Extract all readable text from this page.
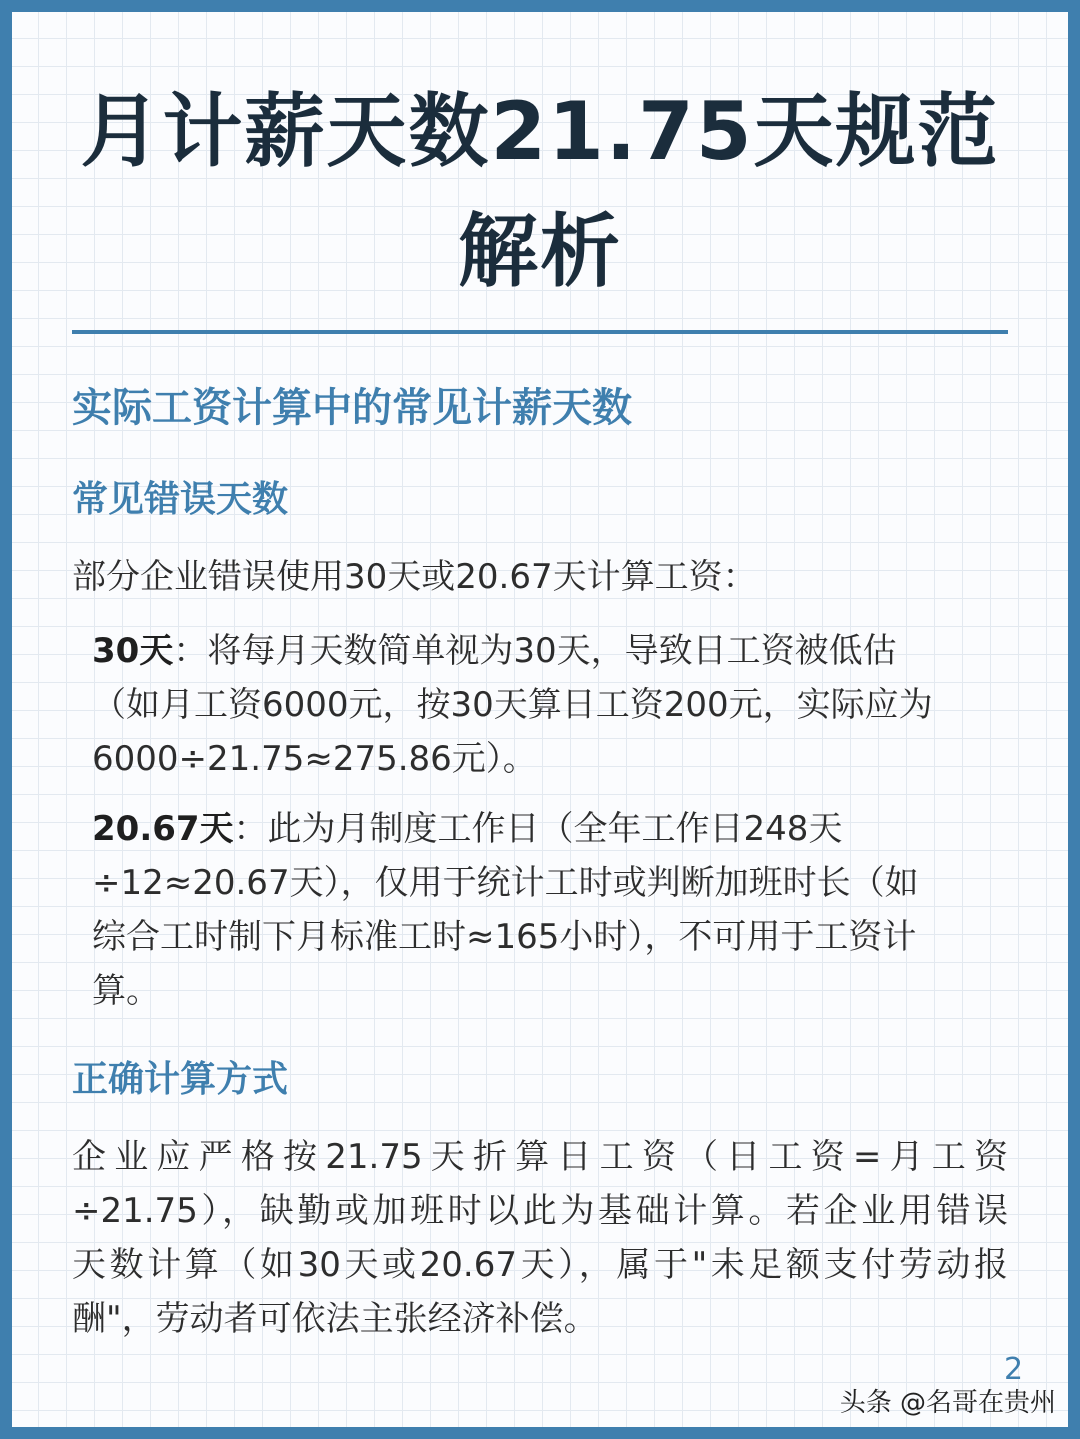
月计薪天数21.75天规范
解析
实际工资计算中的常见计薪天数
常见错误天数
部分企业错误使用30天或20.67天计算工资：
30天：将每月天数简单视为30天，导致日工资被低估
（如月工资6000元，按30天算日工资200元，实际应为
6000÷21.75≈275.86元）。
20.67天：此为月制度工作日（全年工作日248天
÷12≈20.67天），仅用于统计工时或判断加班时长（如
综合工时制下月标准工时≈165小时），不可用于工资计
算。
正确计算方式
企业应严格按21.75天折算日工资（日工资=月工资
÷21.75），缺勤或加班时以此为基础计算。若企业用错误
天数计算（如30天或20.67天），属于"未足额支付劳动报
酬"，劳动者可依法主张经济补偿。
2
头条 @名哥在贵州
